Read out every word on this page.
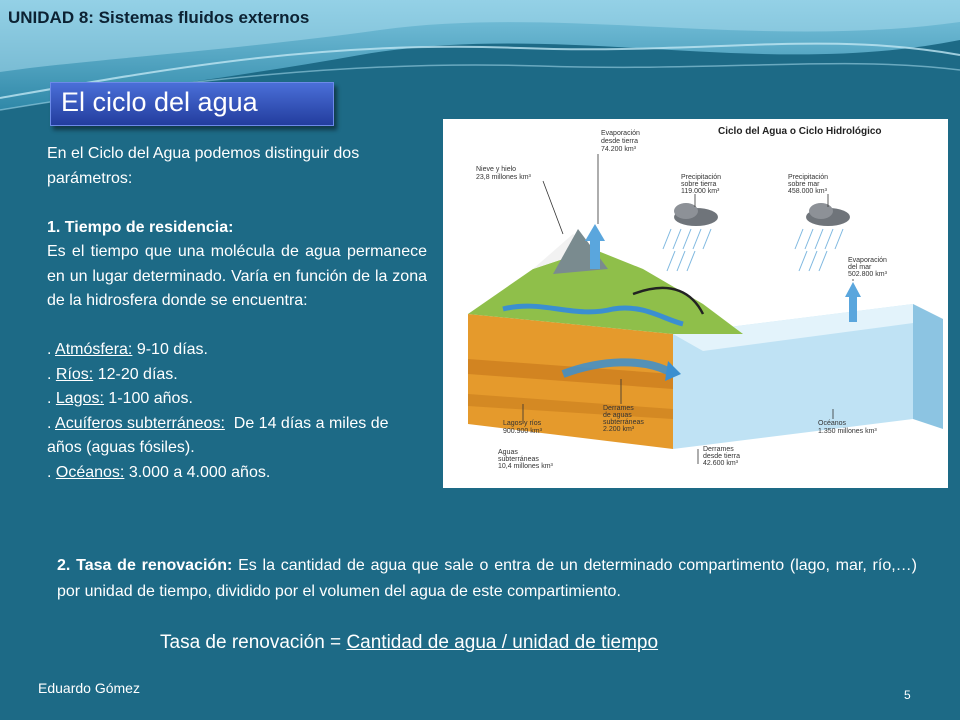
UNIDAD 8: Sistemas fluidos externos
El ciclo del agua

En el Ciclo del Agua podemos distinguir dos parámetros:

1. Tiempo de residencia:

Es el tiempo que una molécula de agua permanece en un lugar determinado. Varía en función de la zona de la hidrosfera donde se encuentra:

. Atmósfera: 9-10 días.

. Ríos: 12-20 días.

. Lagos: 1-100 años.

. Acuíferos subterráneos: De 14 días a miles de años (aguas fósiles).

. Océanos: 3.000 a 4.000 años.

Ciclo del Agua o Ciclo Hidrológico
Evaporación
desde tierra
74.200 km³
Nieve y hielo
23,8 millones km³	Precipitación
sobre tierra
119.000 km³
Precipitación
sobre mar
458.000 km³
Evaporación
del mar
502.800 km³
Lagos y ríos
900.900 km³
Derrames
de aguas
subterráneas
2.200 km³
Océanos
1.350 millones km³
Aguas
subterráneas
10,4 millones km³
Derrames
desde tierra
42.600 km³
2. Tasa de renovación: Es la cantidad de agua que sale o entra de un determinado compartimento (lago, mar, río,…) por unidad de tiempo, dividido por el volumen del agua de este compartimiento.
Tasa de renovación = Cantidad de agua / unidad de tiempo
Eduardo Gómez	5
